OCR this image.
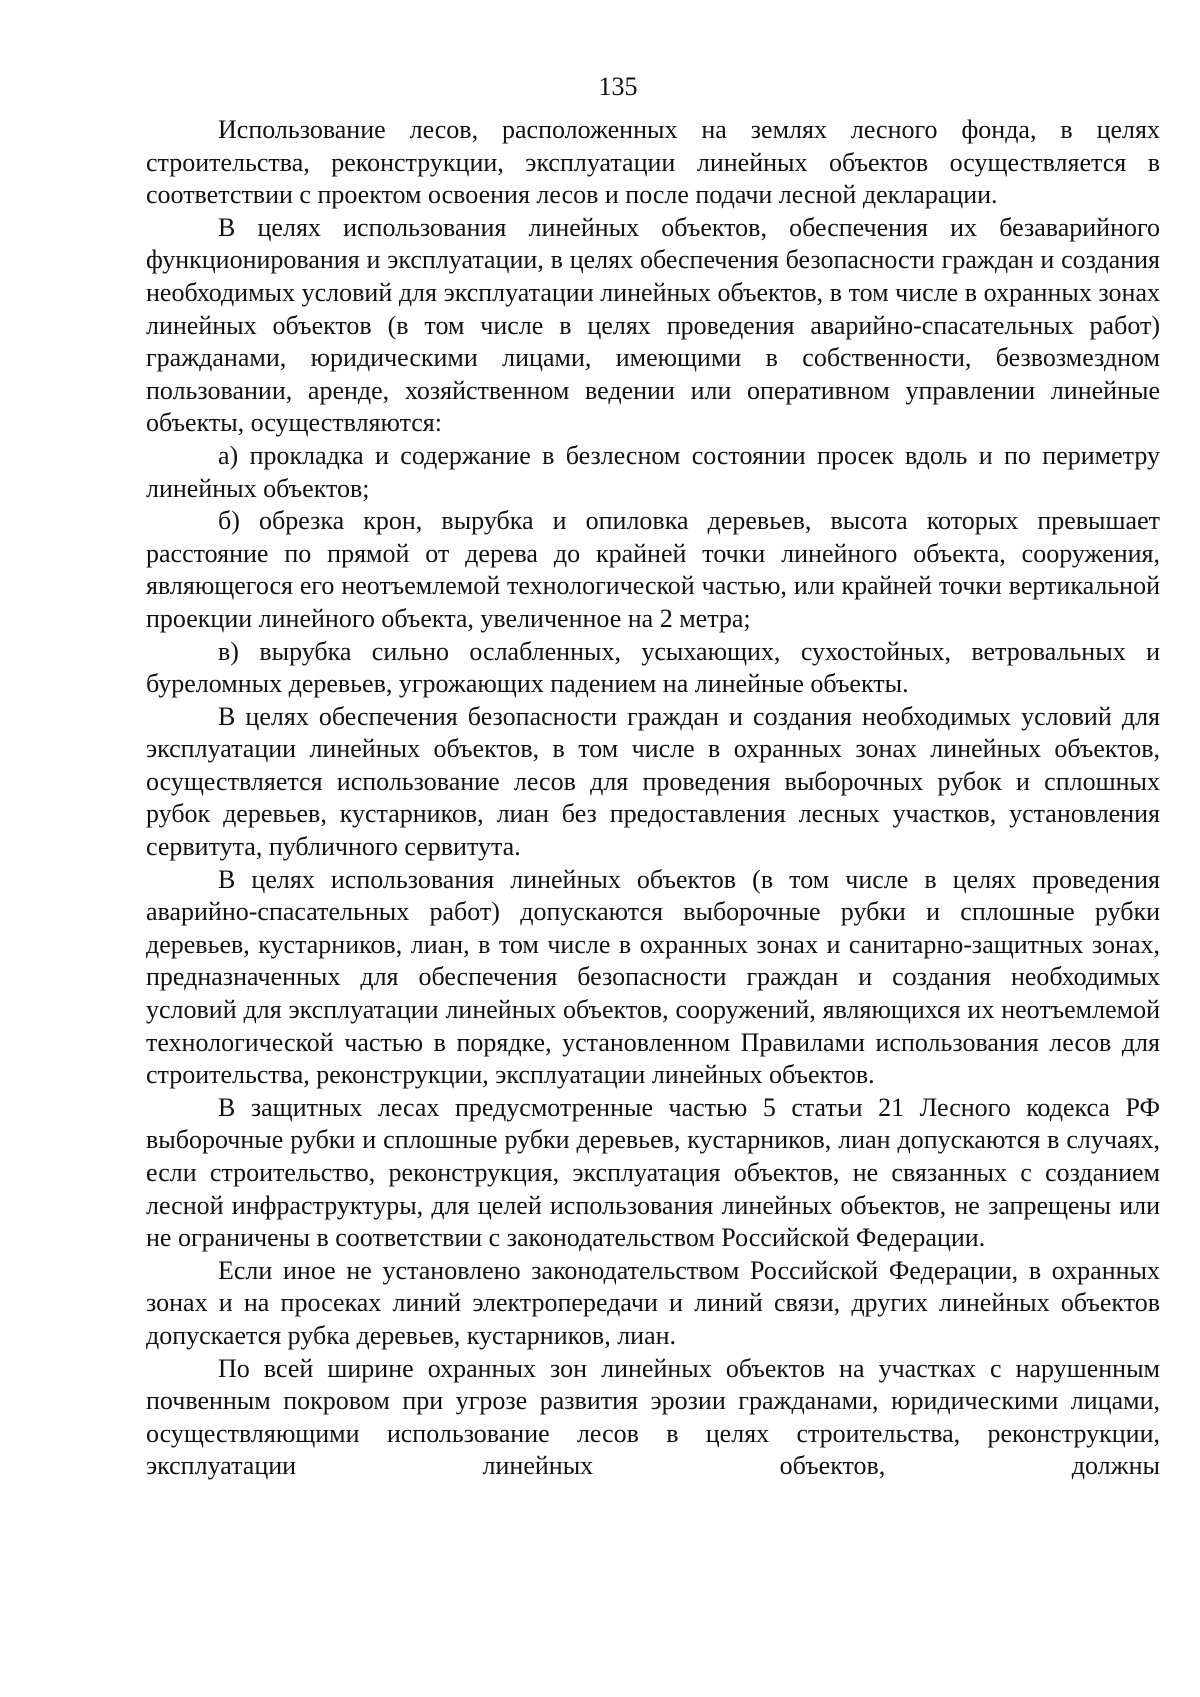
135

Использование лесов, расположенных на землях лесного фонда, в целях строительства, реконструкции, эксплуатации линейных объектов осуществляется в соответствии с проектом освоения лесов и после подачи лесной декларации.

В целях использования линейных объектов, обеспечения их безаварийного функционирования и эксплуатации, в целях обеспечения безопасности граждан и создания необходимых условий для эксплуатации линейных объектов, в том числе в охранных зонах линейных объектов (в том числе в целях проведения аварийно-спасательных работ) гражданами, юридическими лицами, имеющими в собственности, безвозмездном пользовании, аренде, хозяйственном ведении или оперативном управлении линейные объекты, осуществляются:

а) прокладка и содержание в безлесном состоянии просек вдоль и по периметру линейных объектов;

б) обрезка крон, вырубка и опиловка деревьев, высота которых превышает расстояние по прямой от дерева до крайней точки линейного объекта, сооружения, являющегося его неотъемлемой технологической частью, или крайней точки вертикальной проекции линейного объекта, увеличенное на 2 метра;

в) вырубка сильно ослабленных, усыхающих, сухостойных, ветровальных и буреломных деревьев, угрожающих падением на линейные объекты.

В целях обеспечения безопасности граждан и создания необходимых условий для эксплуатации линейных объектов, в том числе в охранных зонах линейных объектов, осуществляется использование лесов для проведения выборочных рубок и сплошных рубок деревьев, кустарников, лиан без предоставления лесных участков, установления сервитута, публичного сервитута.

В целях использования линейных объектов (в том числе в целях проведения аварийно-спасательных работ) допускаются выборочные рубки и сплошные рубки деревьев, кустарников, лиан, в том числе в охранных зонах и санитарно-защитных зонах, предназначенных для обеспечения безопасности граждан и создания необходимых условий для эксплуатации линейных объектов, сооружений, являющихся их неотъемлемой технологической частью в порядке, установленном Правилами использования лесов для строительства, реконструкции, эксплуатации линейных объектов.

В защитных лесах предусмотренные частью 5 статьи 21 Лесного кодекса РФ выборочные рубки и сплошные рубки деревьев, кустарников, лиан допускаются в случаях, если строительство, реконструкция, эксплуатация объектов, не связанных с созданием лесной инфраструктуры, для целей использования линейных объектов, не запрещены или не ограничены в соответствии с законодательством Российской Федерации.

Если иное не установлено законодательством Российской Федерации, в охранных зонах и на просеках линий электропередачи и линий связи, других линейных объектов допускается рубка деревьев, кустарников, лиан.

По всей ширине охранных зон линейных объектов на участках с нарушенным почвенным покровом при угрозе развития эрозии гражданами, юридическими лицами, осуществляющими использование лесов в целях строительства, реконструкции, эксплуатации линейных объектов, должны
